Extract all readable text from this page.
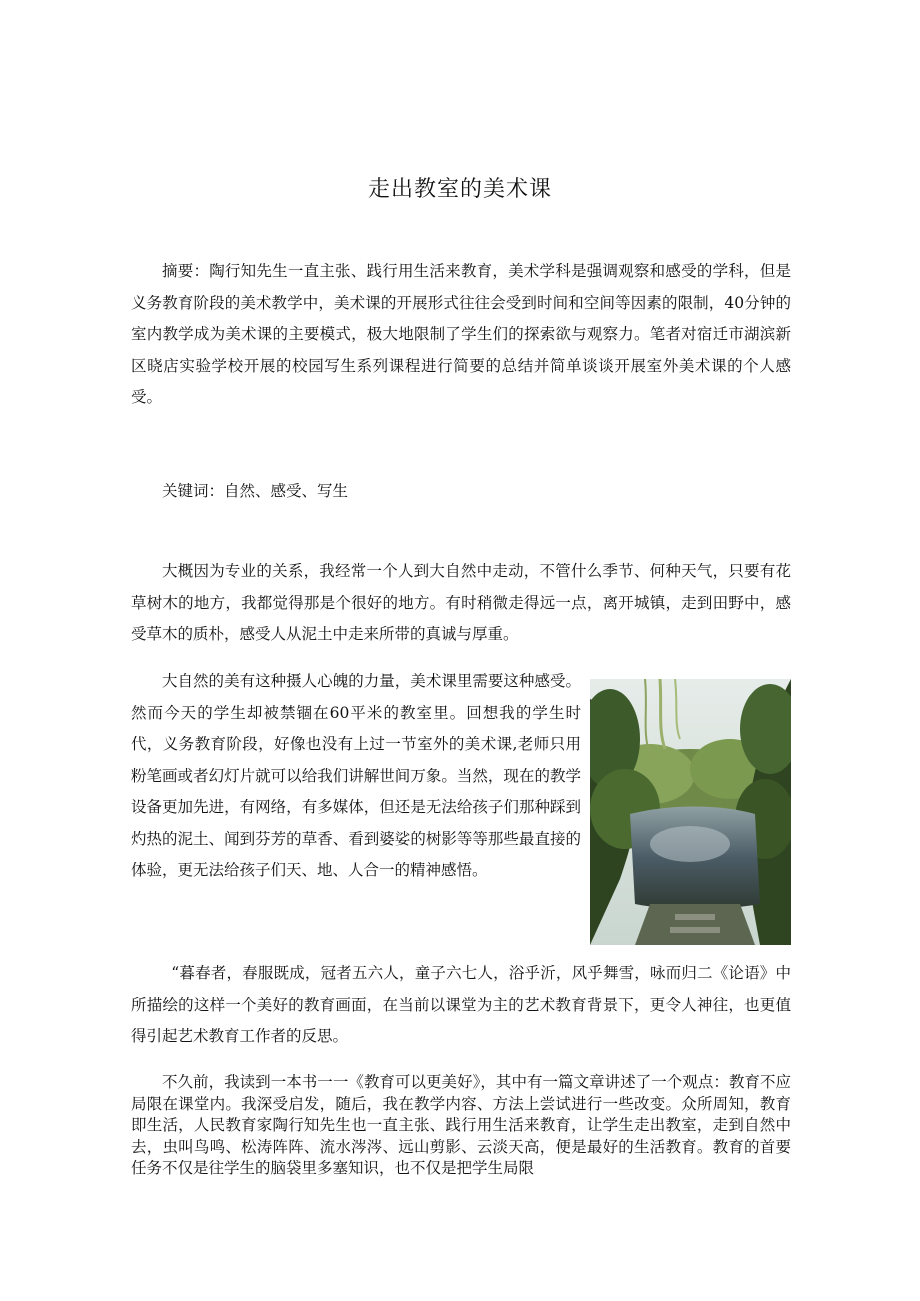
走出教室的美术课
摘要：陶行知先生一直主张、践行用生活来教育，美术学科是强调观察和感受的学科，但是义务教育阶段的美术教学中，美术课的开展形式往往会受到时间和空间等因素的限制，40分钟的室内教学成为美术课的主要模式，极大地限制了学生们的探索欲与观察力。笔者对宿迁市湖滨新区晓店实验学校开展的校园写生系列课程进行简要的总结并简单谈谈开展室外美术课的个人感受。
关键词：自然、感受、写生
大概因为专业的关系，我经常一个人到大自然中走动，不管什么季节、何种天气，只要有花草树木的地方，我都觉得那是个很好的地方。有时稍微走得远一点，离开城镇，走到田野中，感受草木的质朴，感受人从泥土中走来所带的真诚与厚重。
大自然的美有这种摄人心魄的力量，美术课里需要这种感受。然而今天的学生却被禁锢在60平米的教室里。回想我的学生时代，义务教育阶段，好像也没有上过一节室外的美术课,老师只用粉笔画或者幻灯片就可以给我们讲解世间万象。当然，现在的教学设备更加先进，有网络，有多媒体，但还是无法给孩子们那种踩到灼热的泥土、闻到芬芳的草香、看到婆娑的树影等等那些最直接的体验，更无法给孩子们天、地、人合一的精神感悟。
“暮春者，春服既成，冠者五六人，童子六七人，浴乎沂，风乎舞雪，咏而归二《论语》中所描绘的这样一个美好的教育画面，在当前以课堂为主的艺术教育背景下，更令人神往，也更值得引起艺术教育工作者的反思。
不久前，我读到一本书一一《教育可以更美好》，其中有一篇文章讲述了一个观点：教育不应局限在课堂内。我深受启发，随后，我在教学内容、方法上尝试进行一些改变。众所周知，教育即生活，人民教育家陶行知先生也一直主张、践行用生活来教育，让学生走出教室，走到自然中去，虫叫鸟鸣、松涛阵阵、流水涔涔、远山剪影、云淡天高，便是最好的生活教育。教育的首要任务不仅是往学生的脑袋里多塞知识，也不仅是把学生局限
